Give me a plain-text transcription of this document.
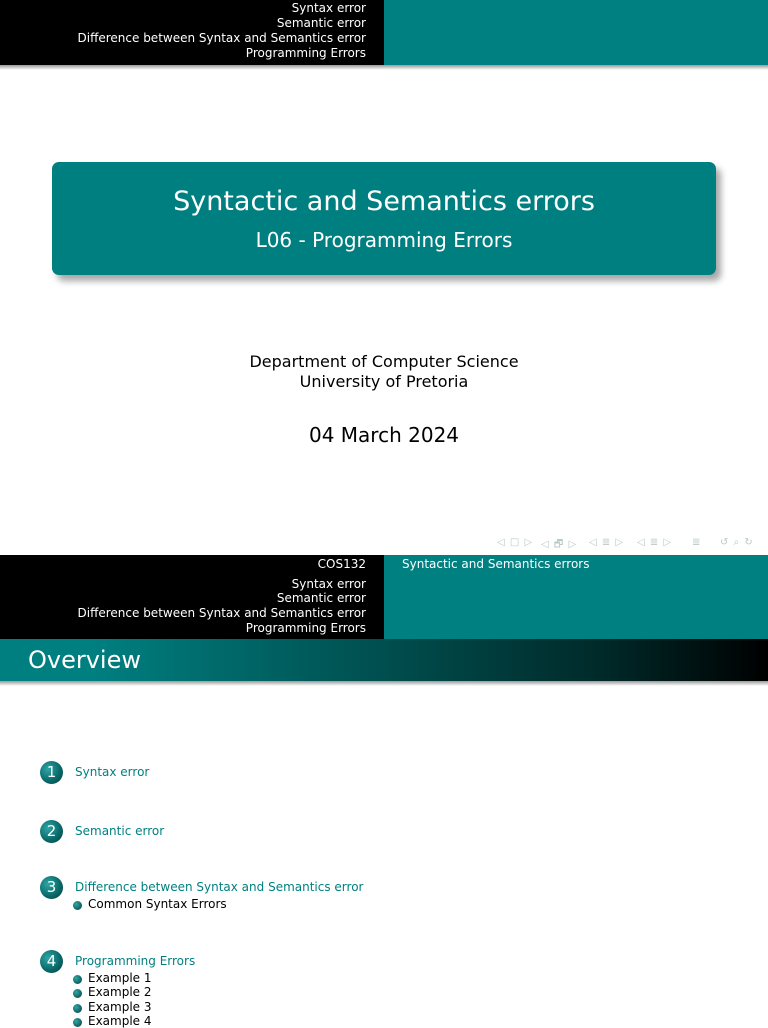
Syntax error
Semantic error
Difference between Syntax and Semantics error
Programming Errors
Syntactic and Semantics errors
L06 - Programming Errors
Department of Computer Science
University of Pretoria
04 March 2024
◁ □ ▷ ◁ 🗗 ▷ ◁ ≣ ▷ ◁ ≣ ▷ ≣ ↺ ⌕ ↻
COS132
Syntax error
Semantic error
Difference between Syntax and Semantics error
Programming Errors
Syntactic and Semantics errors
Overview
1	Syntax error
2	Semantic error
3	Difference between Syntax and Semantics error
Common Syntax Errors
4	Programming Errors
Example 1
Example 2
Example 3
Example 4
